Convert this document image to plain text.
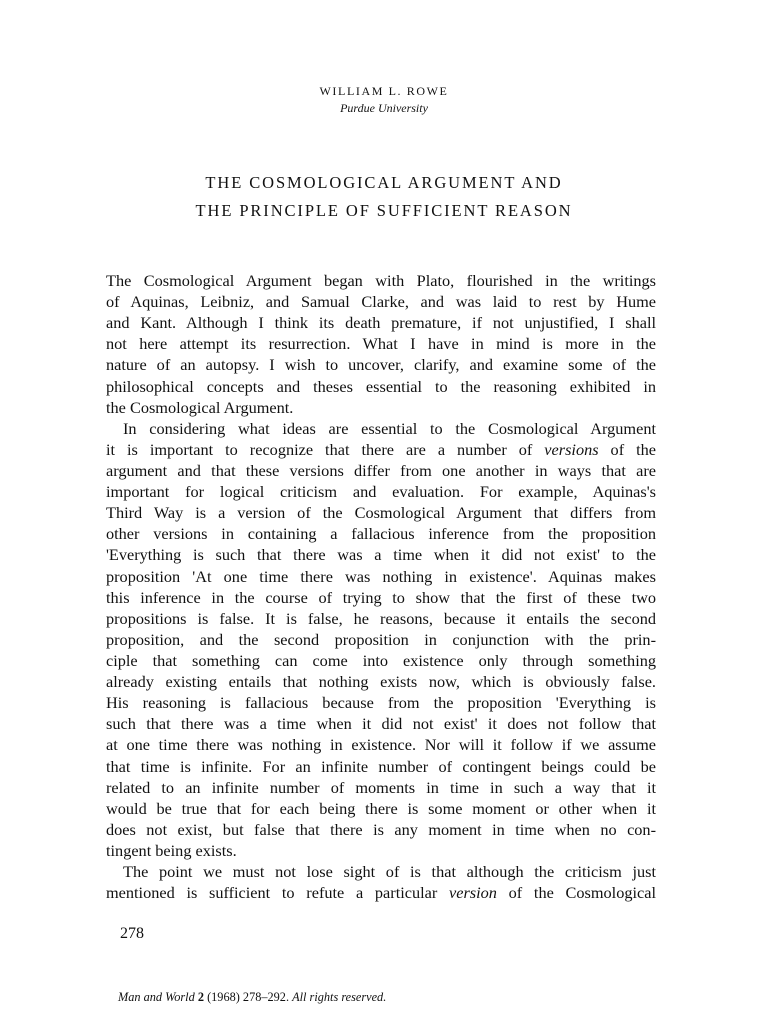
WILLIAM L. ROWE
Purdue University
THE COSMOLOGICAL ARGUMENT AND
THE PRINCIPLE OF SUFFICIENT REASON
The Cosmological Argument began with Plato, flourished in the writings
of Aquinas, Leibniz, and Samual Clarke, and was laid to rest by Hume
and Kant. Although I think its death premature, if not unjustified, I shall
not here attempt its resurrection. What I have in mind is more in the
nature of an autopsy. I wish to uncover, clarify, and examine some of the
philosophical concepts and theses essential to the reasoning exhibited in
the Cosmological Argument.
In considering what ideas are essential to the Cosmological Argument
it is important to recognize that there are a number of versions of the
argument and that these versions differ from one another in ways that are
important for logical criticism and evaluation. For example, Aquinas's
Third Way is a version of the Cosmological Argument that differs from
other versions in containing a fallacious inference from the proposition
'Everything is such that there was a time when it did not exist' to the
proposition 'At one time there was nothing in existence'. Aquinas makes
this inference in the course of trying to show that the first of these two
propositions is false. It is false, he reasons, because it entails the second
proposition, and the second proposition in conjunction with the prin-
ciple that something can come into existence only through something
already existing entails that nothing exists now, which is obviously false.
His reasoning is fallacious because from the proposition 'Everything is
such that there was a time when it did not exist' it does not follow that
at one time there was nothing in existence. Nor will it follow if we assume
that time is infinite. For an infinite number of contingent beings could be
related to an infinite number of moments in time in such a way that it
would be true that for each being there is some moment or other when it
does not exist, but false that there is any moment in time when no con-
tingent being exists.
The point we must not lose sight of is that although the criticism just
mentioned is sufficient to refute a particular version of the Cosmological
278
Man and World 2 (1968) 278–292. All rights reserved.
